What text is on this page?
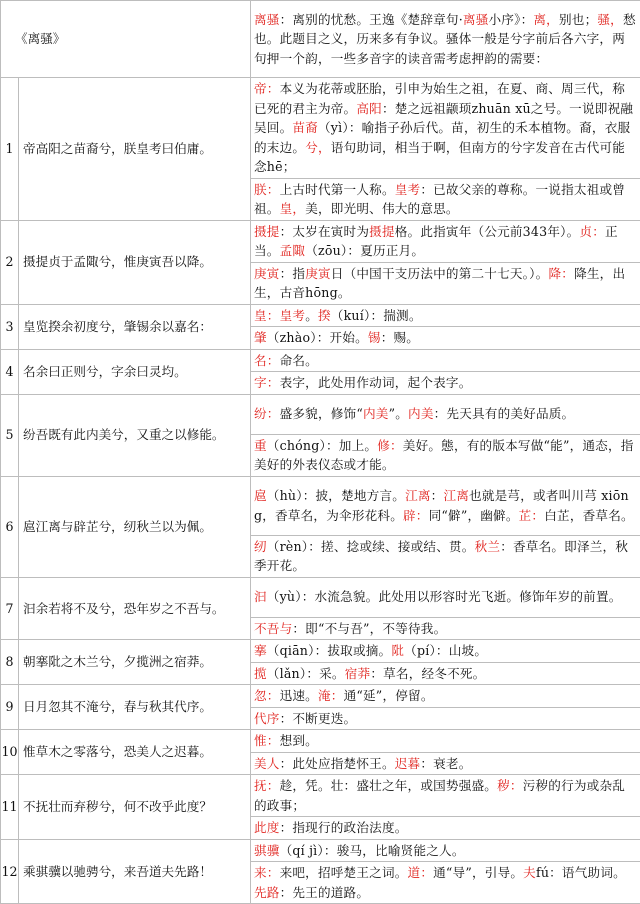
《离骚》		离骚：离别的忧愁。王逸《楚辞章句·离骚小序》：离，别也；骚，愁也。此题目之义，历来多有争议。骚体一般是兮字前后各六字，两句押一个韵，一些多音字的读音需考虑押韵的需要：
1	帝高阳之苗裔兮，朕皇考曰伯庸。	帝：本义为花蒂或胚胎，引申为始生之祖，在夏、商、周三代，称已死的君主为帝。高阳：楚之远祖颛顼zhuān xū之号。一说即祝融吴回。苗裔（yì）：喻指子孙后代。苗，初生的禾本植物。裔，衣服的末边。兮，语句助词，相当于啊，但南方的兮字发音在古代可能念hē；
		朕：上古时代第一人称。皇考：已故父亲的尊称。一说指太祖或曾祖。皇，美，即光明、伟大的意思。
2	摄提贞于孟陬兮，惟庚寅吾以降。	摄提：太岁在寅时为摄提格。此指寅年（公元前343年）。贞：正当。孟陬（zōu）：夏历正月。
		庚寅：指庚寅日（中国干支历法中的第二十七天。）。降：降生，出生，古音hōng。
3	皇览揆余初度兮，肇锡余以嘉名：	皇：皇考。揆（kuí）：揣测。
		肇（zhào）：开始。锡：赐。
4	名余曰正则兮，字余曰灵均。	名：命名。
		字：表字，此处用作动词，起个表字。
5	纷吾既有此内美兮，又重之以修能。	纷：盛多貌，修饰“内美”。内美：先天具有的美好品质。
		重（chóng）：加上。修：美好。態，有的版本写做“能”，通态，指美好的外表仪态或才能。
6	扈江离与辟芷兮，纫秋兰以为佩。	扈（hù）：披，楚地方言。江离：江离也就是芎，或者叫川芎 xiōng，香草名，为伞形花科。辟：同“僻”，幽僻。芷：白芷，香草名。
		纫（rèn）：搓、捻或续、接或结、贯。秋兰：香草名。即泽兰，秋季开花。
7	汩余若将不及兮，恐年岁之不吾与。	汩（yù）：水流急貌。此处用以形容时光飞逝。修饰年岁的前置。
		不吾与：即“不与吾”，不等待我。
8	朝搴阰之木兰兮，夕揽洲之宿莽。	搴（qiān）：拔取或摘。阰（pí）：山坡。
		揽（lǎn）：采。宿莽：草名，经冬不死。
9	日月忽其不淹兮，春与秋其代序。	忽：迅速。淹：通“延”，停留。
		代序：不断更迭。
10	惟草木之零落兮，恐美人之迟暮。	惟：想到。
		美人：此处应指楚怀王。迟暮：衰老。
11	不抚壮而弃秽兮，何不改乎此度？	抚：趁，凭。壮：盛壮之年，或国势强盛。秽：污秽的行为或杂乱的政事；
		此度：指现行的政治法度。
12	乘骐骥以驰骋兮，来吾道夫先路！	骐骥（qí jì）：骏马，比喻贤能之人。
		来：来吧，招呼楚王之词。道：通“导”，引导。夫fú：语气助词。先路：先王的道路。
